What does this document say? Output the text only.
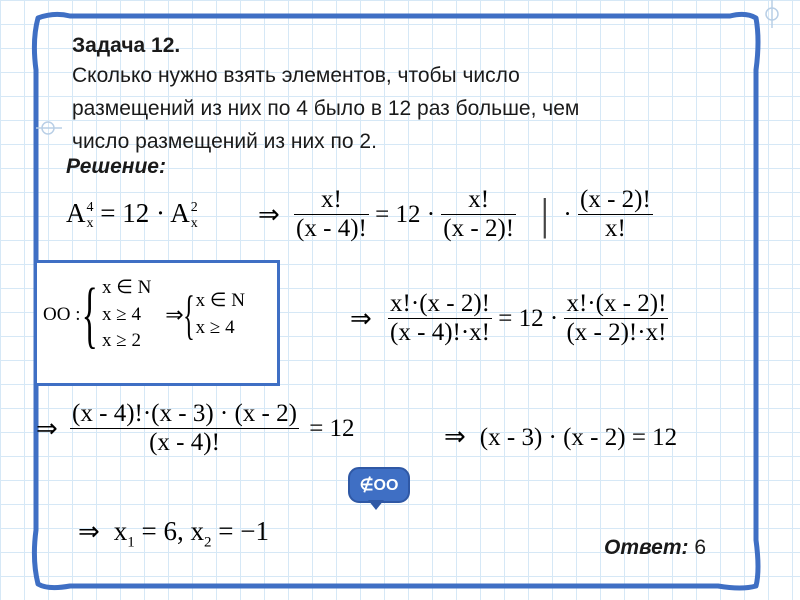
Задача 12.
Сколько нужно взять элементов, чтобы число
размещений из них по 4 было в 12 раз больше, чем
число размещений из них по 2.
Решение:
A 4
x = 12 · A 2
x ⇒ $\frac{x!}{(x - 4)!} = 12 \cdot \frac{x!}{(x - 2)!}$ | · $\frac{(x - 2)!}{x!}$
ОО : { x ∈ N
x ≥ 4
x ≥ 2
⇒ { x ∈ N
x ≥ 4	⇒ $\frac{x!\cdot(x - 2)!}{(x - 4)!\cdot x!} = 12 \cdot \frac{x!\cdot(x - 2)!}{(x - 2)!\cdot x!}$
⇒ $\frac{(x - 4)!\cdot(x - 3) \cdot (x - 2)}{(x - 4)!} = 12$	⇒ (x - 3) · (x - 2) = 12
∉ОО
⇒ $x_1 = 6$, $x_2 = -1$
Ответ: 6
